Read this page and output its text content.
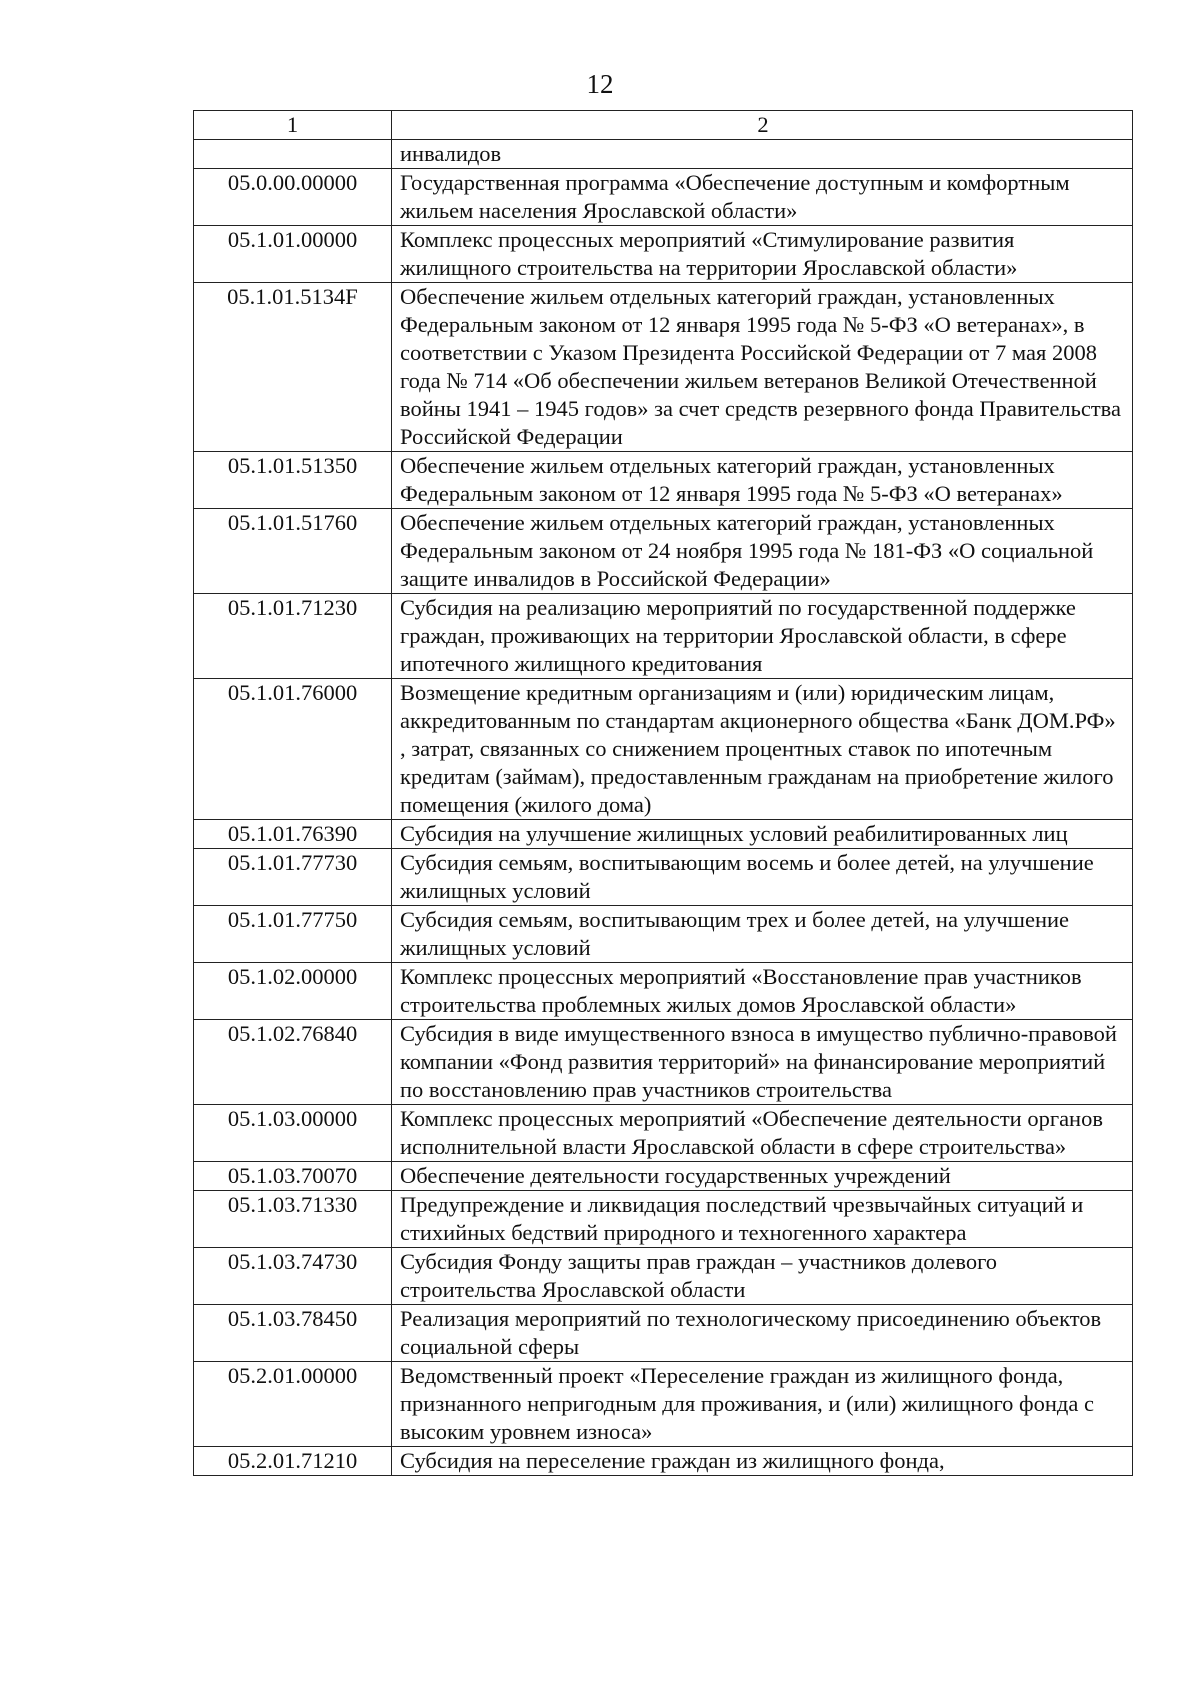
12
1	2
	инвалидов
05.0.00.00000	Государственная программа «Обеспечение доступным и комфортным жильем населения Ярославской области»
05.1.01.00000	Комплекс процессных мероприятий «Стимулирование развития жилищного строительства на территории Ярославской области»
05.1.01.5134F	Обеспечение жильем отдельных категорий граждан, установленных Федеральным законом от 12 января 1995 года № 5-ФЗ «О ветеранах», в соответствии с Указом Президента Российской Федерации от 7 мая 2008 года № 714 «Об обеспечении жильем ветеранов Великой Отечественной войны 1941 – 1945 годов» за счет средств резервного фонда Правительства Российской Федерации
05.1.01.51350	Обеспечение жильем отдельных категорий граждан, установленных Федеральным законом от 12 января 1995 года № 5-ФЗ «О ветеранах»
05.1.01.51760	Обеспечение жильем отдельных категорий граждан, установленных Федеральным законом от 24 ноября 1995 года № 181-ФЗ «О социальной защите инвалидов в Российской Федерации»
05.1.01.71230	Субсидия на реализацию мероприятий по государственной поддержке граждан, проживающих на территории Ярославской области, в сфере ипотечного жилищного кредитования
05.1.01.76000	Возмещение кредитным организациям и (или) юридическим лицам, аккредитованным по стандартам акционерного общества «Банк ДОМ.РФ» , затрат, связанных со снижением процентных ставок по ипотечным кредитам (займам), предоставленным гражданам на приобретение жилого помещения (жилого дома)
05.1.01.76390	Субсидия на улучшение жилищных условий реабилитированных лиц
05.1.01.77730	Субсидия семьям, воспитывающим восемь и более детей, на улучшение жилищных условий
05.1.01.77750	Субсидия семьям, воспитывающим трех и более детей, на улучшение жилищных условий
05.1.02.00000	Комплекс процессных мероприятий «Восстановление прав участников строительства проблемных жилых домов Ярославской области»
05.1.02.76840	Субсидия в виде имущественного взноса в имущество публично-правовой компании «Фонд развития территорий» на финансирование мероприятий по восстановлению прав участников строительства
05.1.03.00000	Комплекс процессных мероприятий «Обеспечение деятельности органов исполнительной власти Ярославской области в сфере строительства»
05.1.03.70070	Обеспечение деятельности государственных учреждений
05.1.03.71330	Предупреждение и ликвидация последствий чрезвычайных ситуаций и стихийных бедствий природного и техногенного характера
05.1.03.74730	Субсидия Фонду защиты прав граждан – участников долевого строительства Ярославской области
05.1.03.78450	Реализация мероприятий по технологическому присоединению объектов социальной сферы
05.2.01.00000	Ведомственный проект «Переселение граждан из жилищного фонда, признанного непригодным для проживания, и (или) жилищного фонда с высоким уровнем износа»
05.2.01.71210	Субсидия на переселение граждан из жилищного фонда,
